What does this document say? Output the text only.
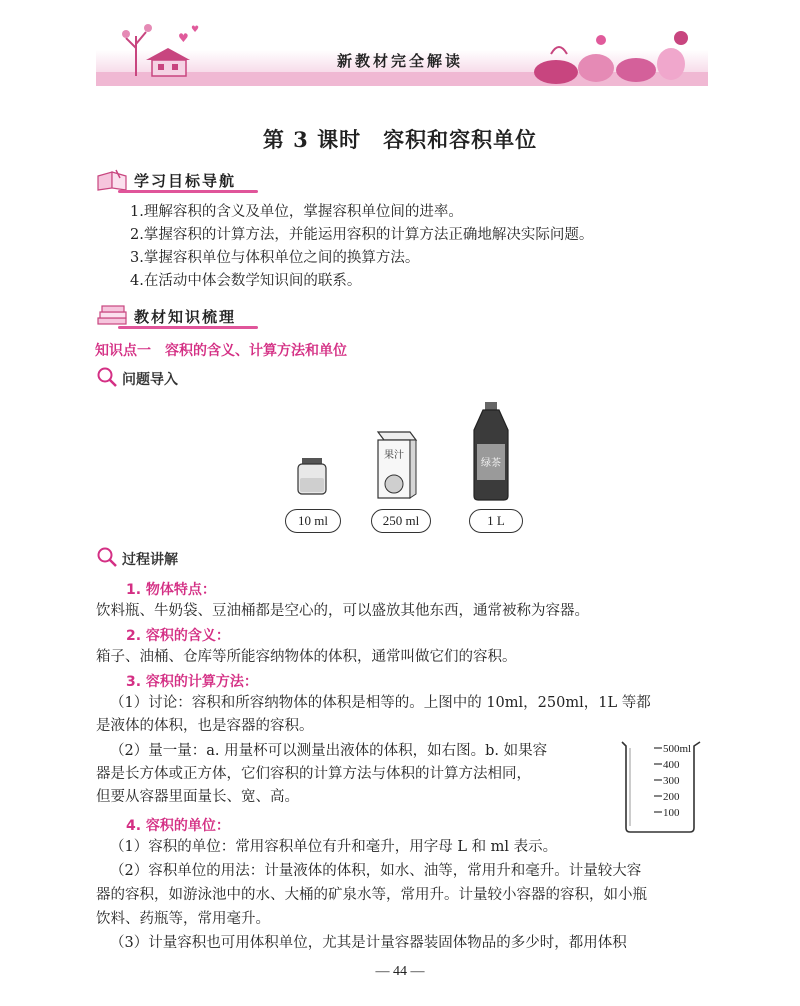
♥
♥
新教材完全解读
第 3 课时　容积和容积单位
学习目标导航
1.理解容积的含义及单位，掌握容积单位间的进率。
2.掌握容积的计算方法，并能运用容积的计算方法正确地解决实际问题。
3.掌握容积单位与体积单位之间的换算方法。
4.在活动中体会数学知识间的联系。
教材知识梳理
知识点一　容积的含义、计算方法和单位
问题导入
果汁
绿茶
10 ml	250 ml	1 L
过程讲解
1. 物体特点：
饮料瓶、牛奶袋、豆油桶都是空心的，可以盛放其他东西，通常被称为容器。
2. 容积的含义：
箱子、油桶、仓库等所能容纳物体的体积，通常叫做它们的容积。
3. 容积的计算方法：
（1）讨论：容积和所容纳物体的体积是相等的。上图中的 10ml，250ml，1L 等都
是液体的体积，也是容器的容积。
（2）量一量：a. 用量杯可以测量出液体的体积，如右图。b. 如果容
器是长方体或正方体，它们容积的计算方法与体积的计算方法相同，
但要从容器里面量长、宽、高。
500ml
400
300
200
100
4. 容积的单位：
（1）容积的单位：常用容积单位有升和毫升，用字母 L 和 ml 表示。
（2）容积单位的用法：计量液体的体积，如水、油等，常用升和毫升。计量较大容
器的容积，如游泳池中的水、大桶的矿泉水等，常用升。计量较小容器的容积，如小瓶
饮料、药瓶等，常用毫升。
（3）计量容积也可用体积单位，尤其是计量容器装固体物品的多少时，都用体积
— 44 —
